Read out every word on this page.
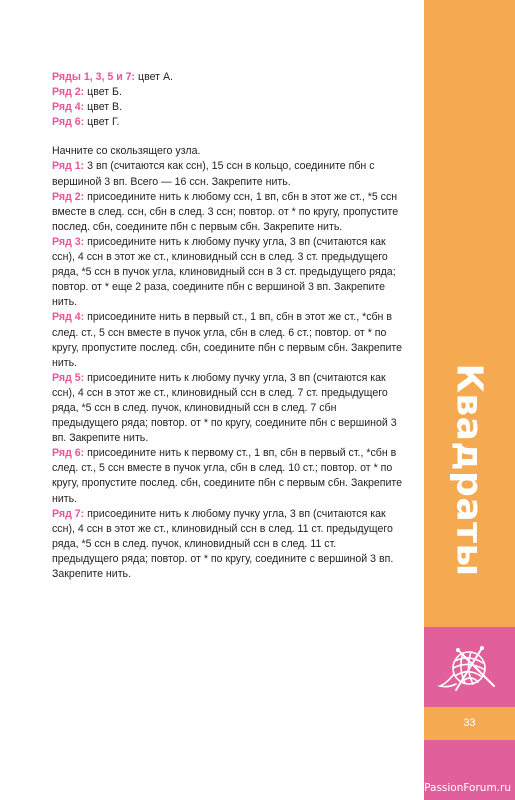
Ряды 1, 3, 5 и 7: цвет А.

Ряд 2: цвет Б.

Ряд 4: цвет В.

Ряд 6: цвет Г.

Начните со скользящего узла.

Ряд 1: 3 вп (считаются как ссн), 15 ссн в кольцо, соедините пбн с вершиной 3 вп. Всего — 16 ссн. Закрепите нить.

Ряд 2: присоедините нить к любому ссн, 1 вп, сбн в этот же ст., *5 ссн вместе в след. ссн, сбн в след. 3 ссн; повтор. от * по кругу, пропустите послед. сбн, соедините пбн с первым сбн. Закрепите нить.

Ряд 3: присоедините нить к любому пучку угла, 3 вп (считаются как ссн), 4 ссн в этот же ст., клиновидный ссн в след. 3 ст. предыдущего ряда, *5 ссн в пучок угла, клиновидный ссн в 3 ст. предыдущего ряда; повтор. от * еще 2 раза, соедините пбн с вершиной 3 вп. Закрепите нить.

Ряд 4: присоедините нить в первый ст., 1 вп, сбн в этот же ст., *сбн в след. ст., 5 ссн вместе в пучок угла, сбн в след. 6 ст.; повтор. от * по кругу, пропустите послед. сбн, соедините пбн с первым сбн. Закрепите нить.

Ряд 5: присоедините нить к любому пучку угла, 3 вп (считаются как ссн), 4 ссн в этот же ст., клиновидный ссн в след. 7 ст. предыдущего ряда, *5 ссн в след. пучок, клиновидный ссн в след. 7 сбн предыдущего ряда; повтор. от * по кругу, соедините пбн с вершиной 3 вп. Закрепите нить.

Ряд 6: присоедините нить к первому ст., 1 вп, сбн в первый ст., *сбн в след. ст., 5 ссн вместе в пучок угла, сбн в след. 10 ст.; повтор. от * по кругу, пропустите послед. сбн, соедините пбн с первым сбн. Закрепите нить.

Ряд 7: присоедините нить к любому пучку угла, 3 вп (считаются как ссн), 4 ссн в этот же ст., клиновидный ссн в след. 11 ст. предыдущего ряда, *5 ссн в след. пучок, клиновидный ссн в след. 11 ст. предыдущего ряда; повтор. от * по кругу, соедините с вершиной 3 вп. Закрепите нить.	Квадраты
33
PassionForum.ru
